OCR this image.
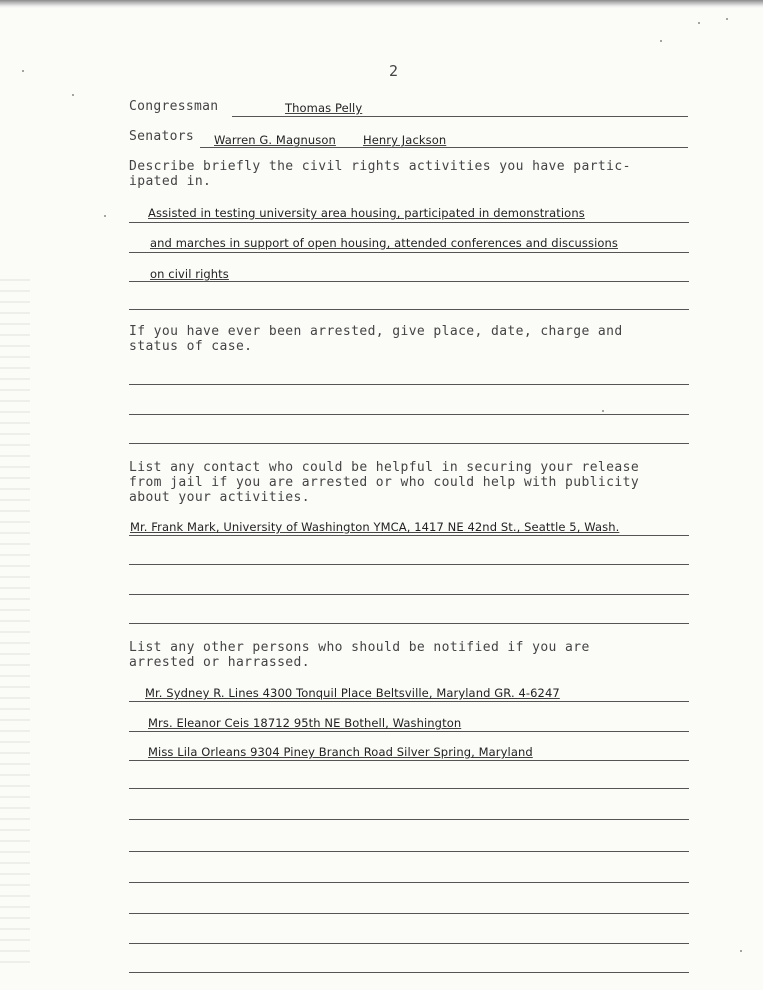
2
Congressman	Thomas Pelly
Senators Warren G. Magnuson Henry Jackson
Describe briefly the civil rights activities you have partic-
ipated in.
Assisted in testing university area housing, participated in demonstrations
and marches in support of open housing, attended conferences and discussions
on civil rights
If you have ever been arrested, give place, date, charge and
status of case.
List any contact who could be helpful in securing your release
from jail if you are arrested or who could help with publicity
about your activities.
Mr. Frank Mark, University of Washington YMCA, 1417 NE 42nd St., Seattle 5, Wash.
List any other persons who should be notified if you are
arrested or harrassed.
Mr. Sydney R. Lines 4300 Tonquil Place Beltsville, Maryland GR. 4-6247
Mrs. Eleanor Ceis 18712 95th NE Bothell, Washington
Miss Lila Orleans 9304 Piney Branch Road Silver Spring, Maryland
